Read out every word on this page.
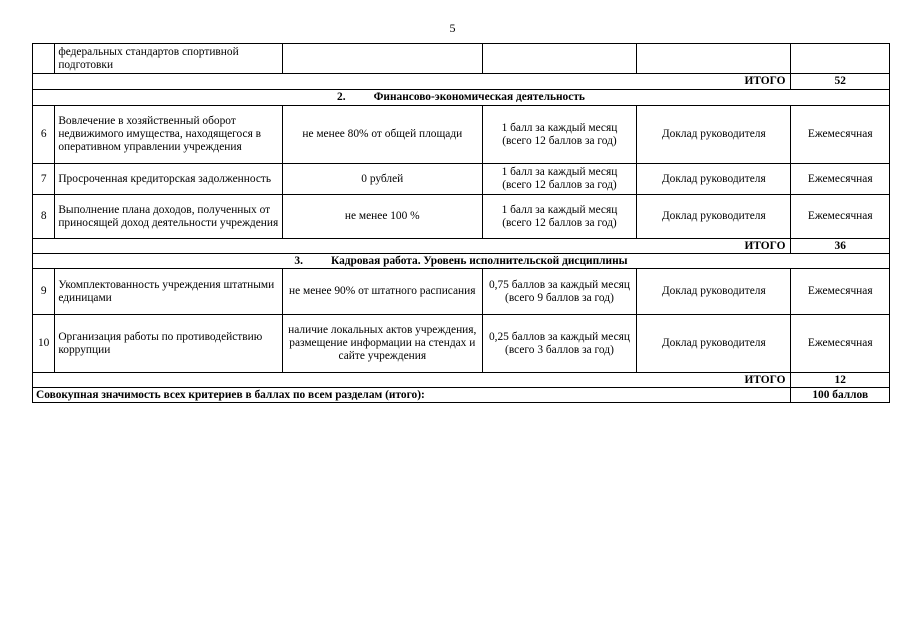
5
	федеральных стандартов спортивной подготовки				
ИТОГО					52
2. Финансово-экономическая деятельность					
6	Вовлечение в хозяйственный оборот недвижимого имущества, находящегося в оперативном управлении учреждения	не менее 80% от общей площади	1 балл за каждый месяц (всего 12 баллов за год)	Доклад руководителя	Ежемесячная
7	Просроченная кредиторская задолженность	0 рублей	1 балл за каждый месяц (всего 12 баллов за год)	Доклад руководителя	Ежемесячная
8	Выполнение плана доходов, полученных от приносящей доход деятельности учреждения	не менее 100 %	1 балл за каждый месяц (всего 12 баллов за год)	Доклад руководителя	Ежемесячная
ИТОГО					36
3. Кадровая работа. Уровень исполнительской дисциплины					
9	Укомплектованность учреждения штатными единицами	не менее 90% от штатного расписания	0,75 баллов за каждый месяц (всего 9 баллов за год)	Доклад руководителя	Ежемесячная
10	Организация работы по противодействию коррупции	наличие локальных актов учреждения, размещение информации на стендах и сайте учреждения	0,25 баллов за каждый месяц (всего 3 баллов за год)	Доклад руководителя	Ежемесячная
ИТОГО					12
Совокупная значимость всех критериев в баллах по всем разделам (итого):					100 баллов
